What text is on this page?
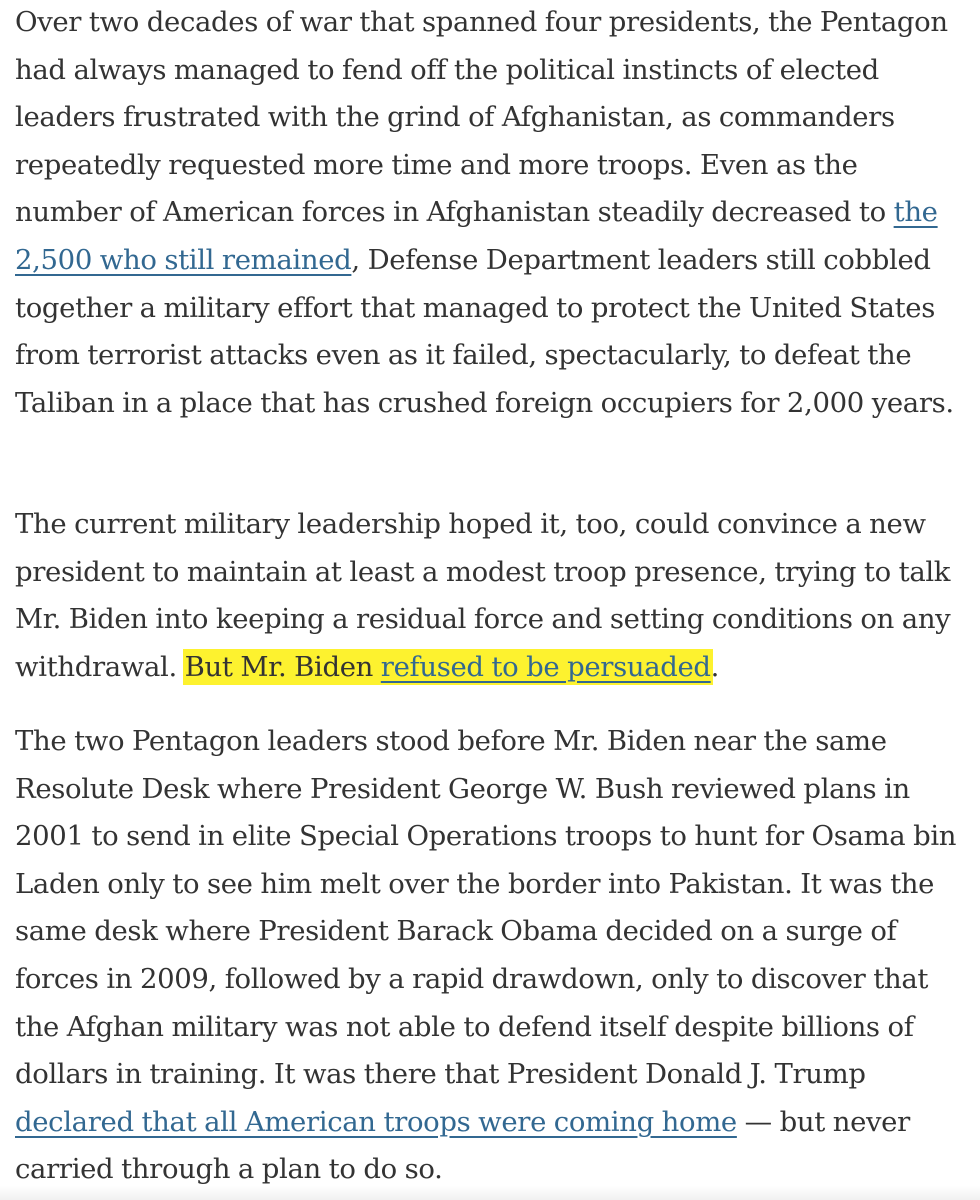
Over two decades of war that spanned four presidents, the Pentagon had always managed to fend off the political instincts of elected leaders frustrated with the grind of Afghanistan, as commanders repeatedly requested more time and more troops. Even as the number of American forces in Afghanistan steadily decreased to the 2,500 who still remained, Defense Department leaders still cobbled together a military effort that managed to protect the United States from terrorist attacks even as it failed, spectacularly, to defeat the Taliban in a place that has crushed foreign occupiers for 2,000 years.

The current military leadership hoped it, too, could convince a new president to maintain at least a modest troop presence, trying to talk Mr. Biden into keeping a residual force and setting conditions on any withdrawal. But Mr. Biden refused to be persuaded.

The two Pentagon leaders stood before Mr. Biden near the same Resolute Desk where President George W. Bush reviewed plans in 2001 to send in elite Special Operations troops to hunt for Osama bin Laden only to see him melt over the border into Pakistan. It was the same desk where President Barack Obama decided on a surge of forces in 2009, followed by a rapid drawdown, only to discover that the Afghan military was not able to defend itself despite billions of dollars in training. It was there that President Donald J. Trump declared that all American troops were coming home — but never carried through a plan to do so.
